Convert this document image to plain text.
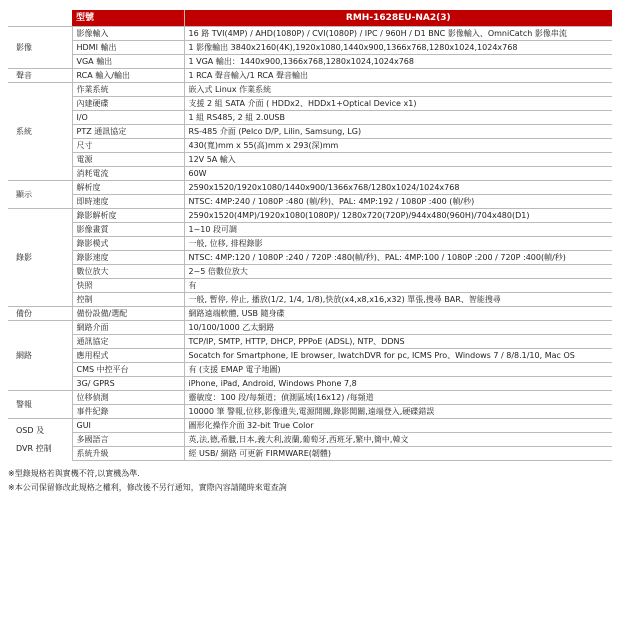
	型號	RMH-1628EU-NA2(3)
影像	影像輸入	16 路 TVI(4MP) / AHD(1080P) / CVI(1080P) / IPC / 960H / D1 BNC 影像輸入、OmniCatch 影像串流
	HDMI 輸出	1 影像輸出 3840x2160(4K),1920x1080,1440x900,1366x768,1280x1024,1024x768
	VGA 輸出	1 VGA 輸出：1440x900,1366x768,1280x1024,1024x768
聲音	RCA 輸入/輸出	1 RCA 聲音輸入/1 RCA 聲音輸出
系統	作業系統	嵌入式 Linux 作業系統
	內建硬碟	支援 2 組 SATA 介面 ( HDDx2、HDDx1+Optical Device x1)
	I/O	1 組 RS485, 2 組 2.0USB
	PTZ 通訊協定	RS-485 介面 (Pelco D/P, Lilin, Samsung, LG)
	尺寸	430(寬)mm x 55(高)mm x 293(深)mm
	電源	12V 5A 輸入
	消耗電流	60W
顯示	解析度	2590x1520/1920x1080/1440x900/1366x768/1280x1024/1024x768
	即時速度	NTSC: 4MP:240 / 1080P :480 (幀/秒)、PAL: 4MP:192 / 1080P :400 (幀/秒)
錄影	錄影解析度	2590x1520(4MP)/1920x1080(1080P)/ 1280x720(720P)/944x480(960H)/704x480(D1)
	影像畫質	1~10 段可調
	錄影模式	一般, 位移, 排程錄影
	錄影速度	NTSC: 4MP:120 / 1080P :240 / 720P :480(幀/秒)、PAL: 4MP:100 / 1080P :200 / 720P :400(幀/秒)
	數位放大	2~5 倍數位放大
	快照	有
	控制	一般, 暫停, 停止, 播放(1/2, 1/4, 1/8),快放(x4,x8,x16,x32) 單張,搜尋 BAR、智能搜尋
備份	備份設備/選配	網路遠端軟體, USB 隨身碟
網路	網路介面	10/100/1000 乙太網路
	通訊協定	TCP/IP, SMTP, HTTP, DHCP, PPPoE (ADSL), NTP、DDNS
	應用程式	Socatch for Smartphone, IE browser, IwatchDVR for pc, ICMS Pro、Windows 7 / 8/8.1/10, Mac OS
	CMS 中控平台	有 (支援 EMAP 電子地圖)
	3G/ GPRS	iPhone, iPad, Android, Windows Phone 7,8
警報	位移偵測	靈敏度：100 段/每頻道；偵測區域(16x12) /每頻道
	事件紀錄	10000 筆 警報,位移,影像遺失,電源開關,錄影開關,遠端登入,硬碟錯誤

OSD 及
DVR 控制	GUI	圖形化操作介面 32-bit True Color
	多國語言	英,法,德,希臘,日本,義大利,波蘭,葡萄牙,西班牙,繁中,簡中,韓文
	系統升級	經 USB/ 網路 可更新 FIRMWARE(韌體)
※型錄規格若與實機不符,以實機為準.
※本公司保留修改此規格之權利，修改後不另行通知，實際內容請隨時來電查詢
